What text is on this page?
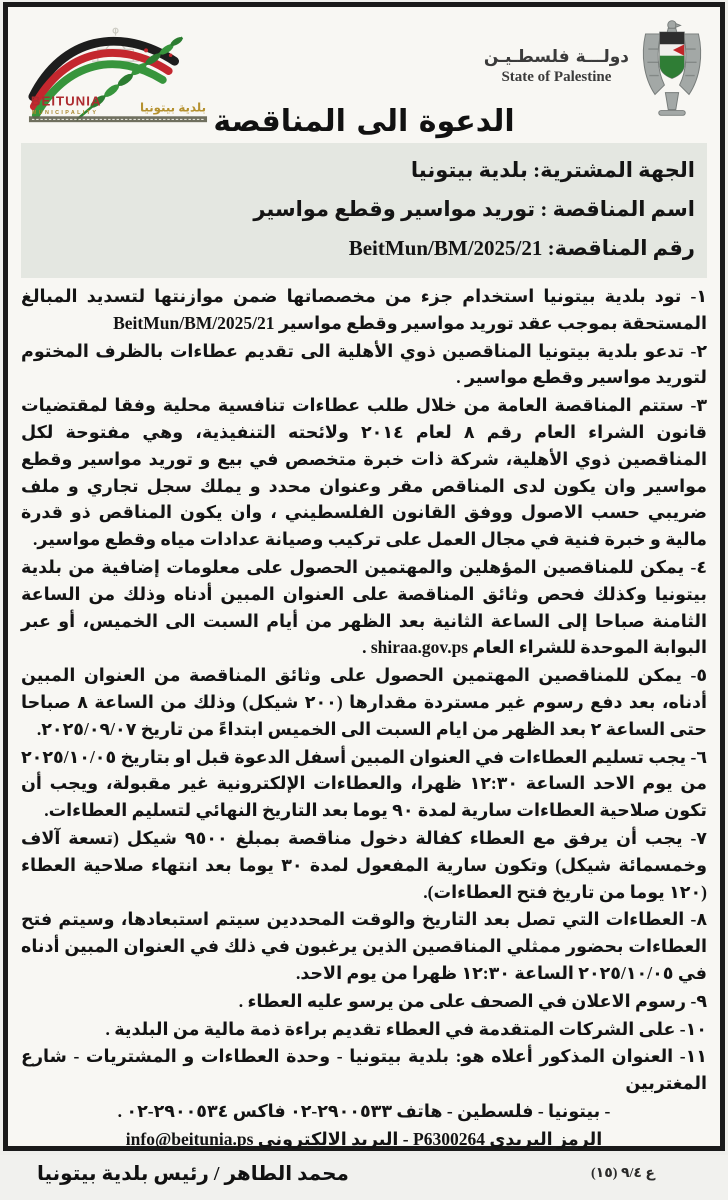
BEITUNIA
MUNICIPALITY	بلدية بيتونيا
دولـــة فلسطـيـن
State of Palestine
الدعوة الى المناقصة
الجهة المشترية: بلدية بيتونيا
اسم المناقصة : توريد مواسير وقطع مواسير
رقم المناقصة: BeitMun/BM/2025/21
١- تود بلدية بيتونيا استخدام جزء من مخصصاتها ضمن موازنتها لتسديد المبالغ المستحقة بموجب عقد توريد مواسير وقطع مواسير BeitMun/BM/2025/21
٢- تدعو بلدية بيتونيا المناقصين ذوي الأهلية الى تقديم عطاءات بالظرف المختوم لتوريد مواسير وقطع مواسير .
٣- ستتم المناقصة العامة من خلال طلب عطاءات تنافسية محلية وفقا لمقتضيات قانون الشراء العام رقم ٨ لعام ٢٠١٤ ولائحته التنفيذية، وهي مفتوحة لكل المناقصين ذوي الأهلية، شركة ذات خبرة متخصص في بيع و توريد مواسير وقطع مواسير وان يكون لدى المناقص مقر وعنوان محدد و يملك سجل تجاري و ملف ضريبي حسب الاصول ووفق القانون الفلسطيني ، وان يكون المناقص ذو قدرة مالية و خبرة فنية في مجال العمل على تركيب وصيانة عدادات مياه وقطع مواسير.
٤- يمكن للمناقصين المؤهلين والمهتمين الحصول على معلومات إضافية من بلدية بيتونيا وكذلك فحص وثائق المناقصة على العنوان المبين أدناه وذلك من الساعة الثامنة صباحا إلى الساعة الثانية بعد الظهر من أيام السبت الى الخميس، أو عبر البوابة الموحدة للشراء العام shiraa.gov.ps .
٥- يمكن للمناقصين المهتمين الحصول على وثائق المناقصة من العنوان المبين أدناه، بعد دفع رسوم غير مستردة مقدارها (٢٠٠ شيكل) وذلك من الساعة ٨ صباحا حتى الساعة ٢ بعد الظهر من ايام السبت الى الخميس ابتداءً من تاريخ ٢٠٢٥/٠٩/٠٧.
٦- يجب تسليم العطاءات في العنوان المبين أسفل الدعوة قبل او بتاريخ ٢٠٢٥/١٠/٠٥ من يوم الاحد الساعة ١٢:٣٠ ظهرا، والعطاءات الإلكترونية غير مقبولة، ويجب أن تكون صلاحية العطاءات سارية لمدة ٩٠ يوما بعد التاريخ النهائي لتسليم العطاءات.
٧- يجب أن يرفق مع العطاء كفالة دخول مناقصة بمبلغ ٩٥٠٠ شيكل (تسعة آلاف وخمسمائة شيكل) وتكون سارية المفعول لمدة ٣٠ يوما بعد انتهاء صلاحية العطاء (١٢٠ يوما من تاريخ فتح العطاءات).
٨- العطاءات التي تصل بعد التاريخ والوقت المحددين سيتم استبعادها، وسيتم فتح العطاءات بحضور ممثلي المناقصين الذين يرغبون في ذلك في العنوان المبين أدناه في ٢٠٢٥/١٠/٠٥ الساعة ١٢:٣٠ ظهرا من يوم الاحد.
٩- رسوم الاعلان في الصحف على من يرسو عليه العطاء .
١٠- على الشركات المتقدمة في العطاء تقديم براءة ذمة مالية من البلدية .
١١- العنوان المذكور أعلاه هو: بلدية بيتونيا - وحدة العطاءات و المشتريات - شارع المغتربين
- بيتونيا - فلسطين - هاتف ٠٢‎-‎٢٩٠٠٥٣٣ فاكس ٠٢‎-‎٢٩٠٠٥٣٤ .
الرمز البريدي P6300264 - البريد الالكتروني info@beitunia.ps
ع ٩/٤ (١٥)
محمد الطاهر / رئيس بلدية بيتونيا
